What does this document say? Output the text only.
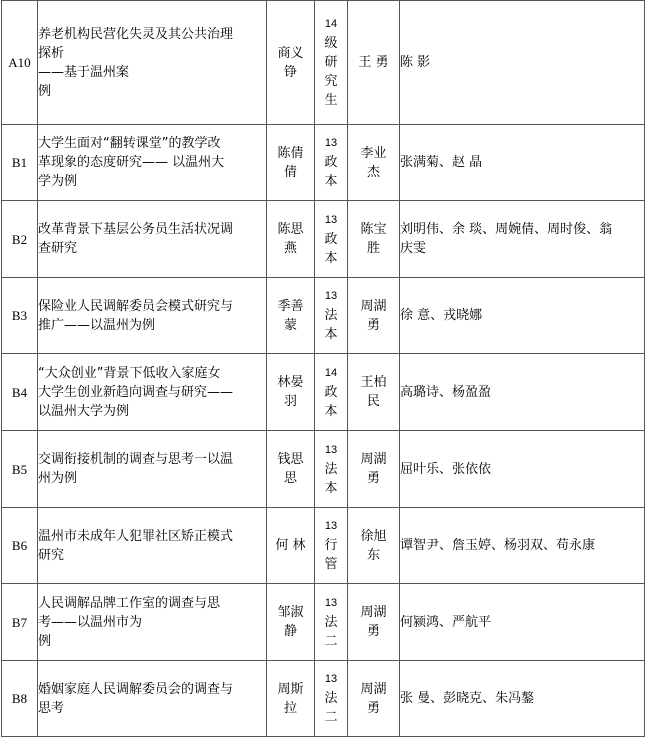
A10	养老机构民营化失灵及其公共治理
探析
——基于温州案
例	商义
铮	14
级
研
究
生	王 勇	陈 影

B1	大学生面对“翻转课堂”的教学改
革现象的态度研究—— 以温州大
学为例	陈倩
倩	13
政
本	李业
杰	张满菊、赵 晶

B2	改革背景下基层公务员生活状况调
查研究	陈思
燕	13
政
本	陈宝
胜	刘明伟、余 琰、周婉倩、周时俊、翁
庆雯

B3	保险业人民调解委员会模式研究与
推广——以温州为例	季善
蒙	13
法
本	周湖
勇	徐 意、戎晓娜

B4	“大众创业”背景下低收入家庭女
大学生创业新趋向调查与研究——
以温州大学为例	林晏
羽	14
政
本	王柏
民	高璐诗、杨盈盈

B5	交调衔接机制的调查与思考一以温
州为例	钱思
思	13
法
本	周湖
勇	屈叶乐、张依依

B6	温州市未成年人犯罪社区矫正模式
研究	何 林	13
行
管	徐旭
东	谭智尹、詹玉婷、杨羽双、苟永康

B7	人民调解品牌工作室的调查与思
考——以温州市为
例	邹淑
静	13
法
二	周湖
勇	何颍鸿、严航平

B8	婚姻家庭人民调解委员会的调查与
思考	周斯
拉	13
法
二	周湖
勇	张 曼、彭晓克、朱冯鏊
